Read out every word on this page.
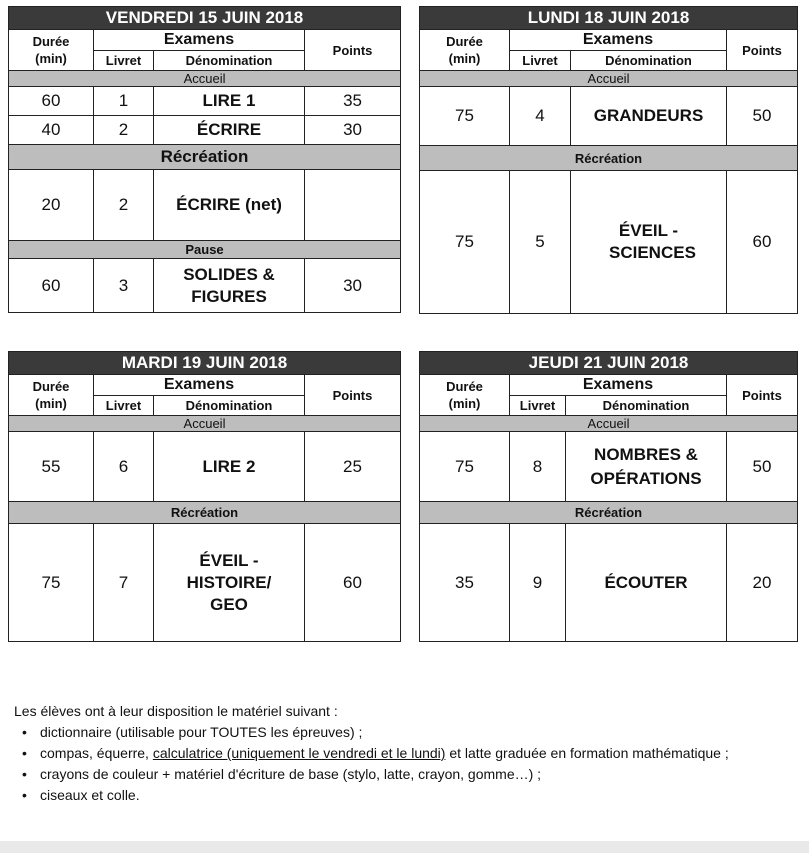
VENDREDI 15 JUIN 2018			
Durée
(min)	Examens		Points
	Livret	Dénomination	
Accueil			
60	1	LIRE 1	35
40	2	ÉCRIRE	30
Récréation			
20	2	ÉCRIRE (net)	
Pause			
60	3	SOLIDES & FIGURES	30
LUNDI 18 JUIN 2018			
Durée
(min)	Examens		Points
	Livret	Dénomination	
Accueil			
75	4	GRANDEURS	50
Récréation			
75	5	ÉVEIL - SCIENCES	60
MARDI 19 JUIN 2018			
Durée
(min)	Examens		Points
	Livret	Dénomination	
Accueil			
55	6	LIRE 2	25
Récréation			
75	7	ÉVEIL - HISTOIRE/ GEO	60
JEUDI 21 JUIN 2018			
Durée
(min)	Examens		Points
	Livret	Dénomination	
Accueil			
75	8	NOMBRES & OPÉRATIONS	50
Récréation			
35	9	ÉCOUTER	20
Les élèves ont à leur disposition le matériel suivant :
• dictionnaire (utilisable pour TOUTES les épreuves) ;
• compas, équerre, calculatrice (uniquement le vendredi et le lundi) et latte graduée en formation mathématique ;
• crayons de couleur + matériel d'écriture de base (stylo, latte, crayon, gomme…) ;
• ciseaux et colle.
